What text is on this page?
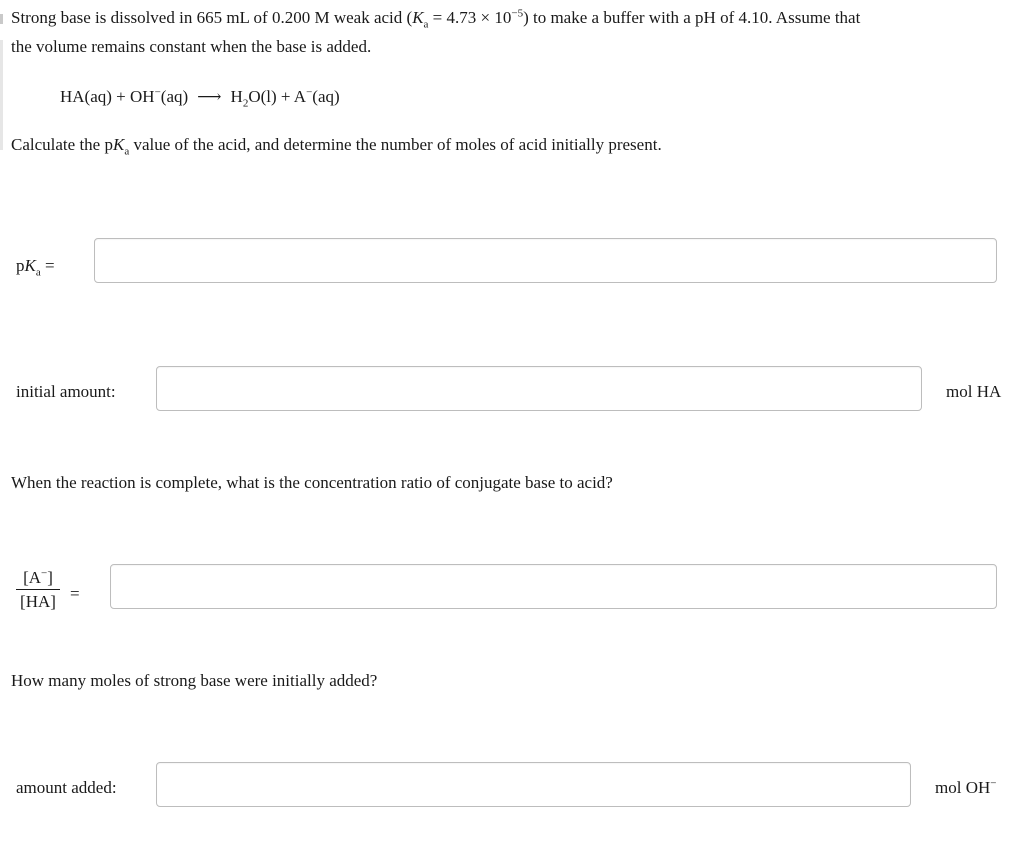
Strong base is dissolved in 665 mL of 0.200 M weak acid $(K_a = 4.73 \times 10^{-5})$ to make a buffer with a pH of 4.10. Assume that
the volume remains constant when the base is added.
HA(aq) + OH−(aq) ⟶ $H_2O(l) + A^-(aq)$
Calculate the $pK_a$ value of the acid, and determine the number of moles of acid initially present.
$pK_a$ =
initial amount:	mol HA
When the reaction is complete, what is the concentration ratio of conjugate base to acid?
[A−]
[HA] =
How many moles of strong base were initially added?
amount added:	mol OH−
